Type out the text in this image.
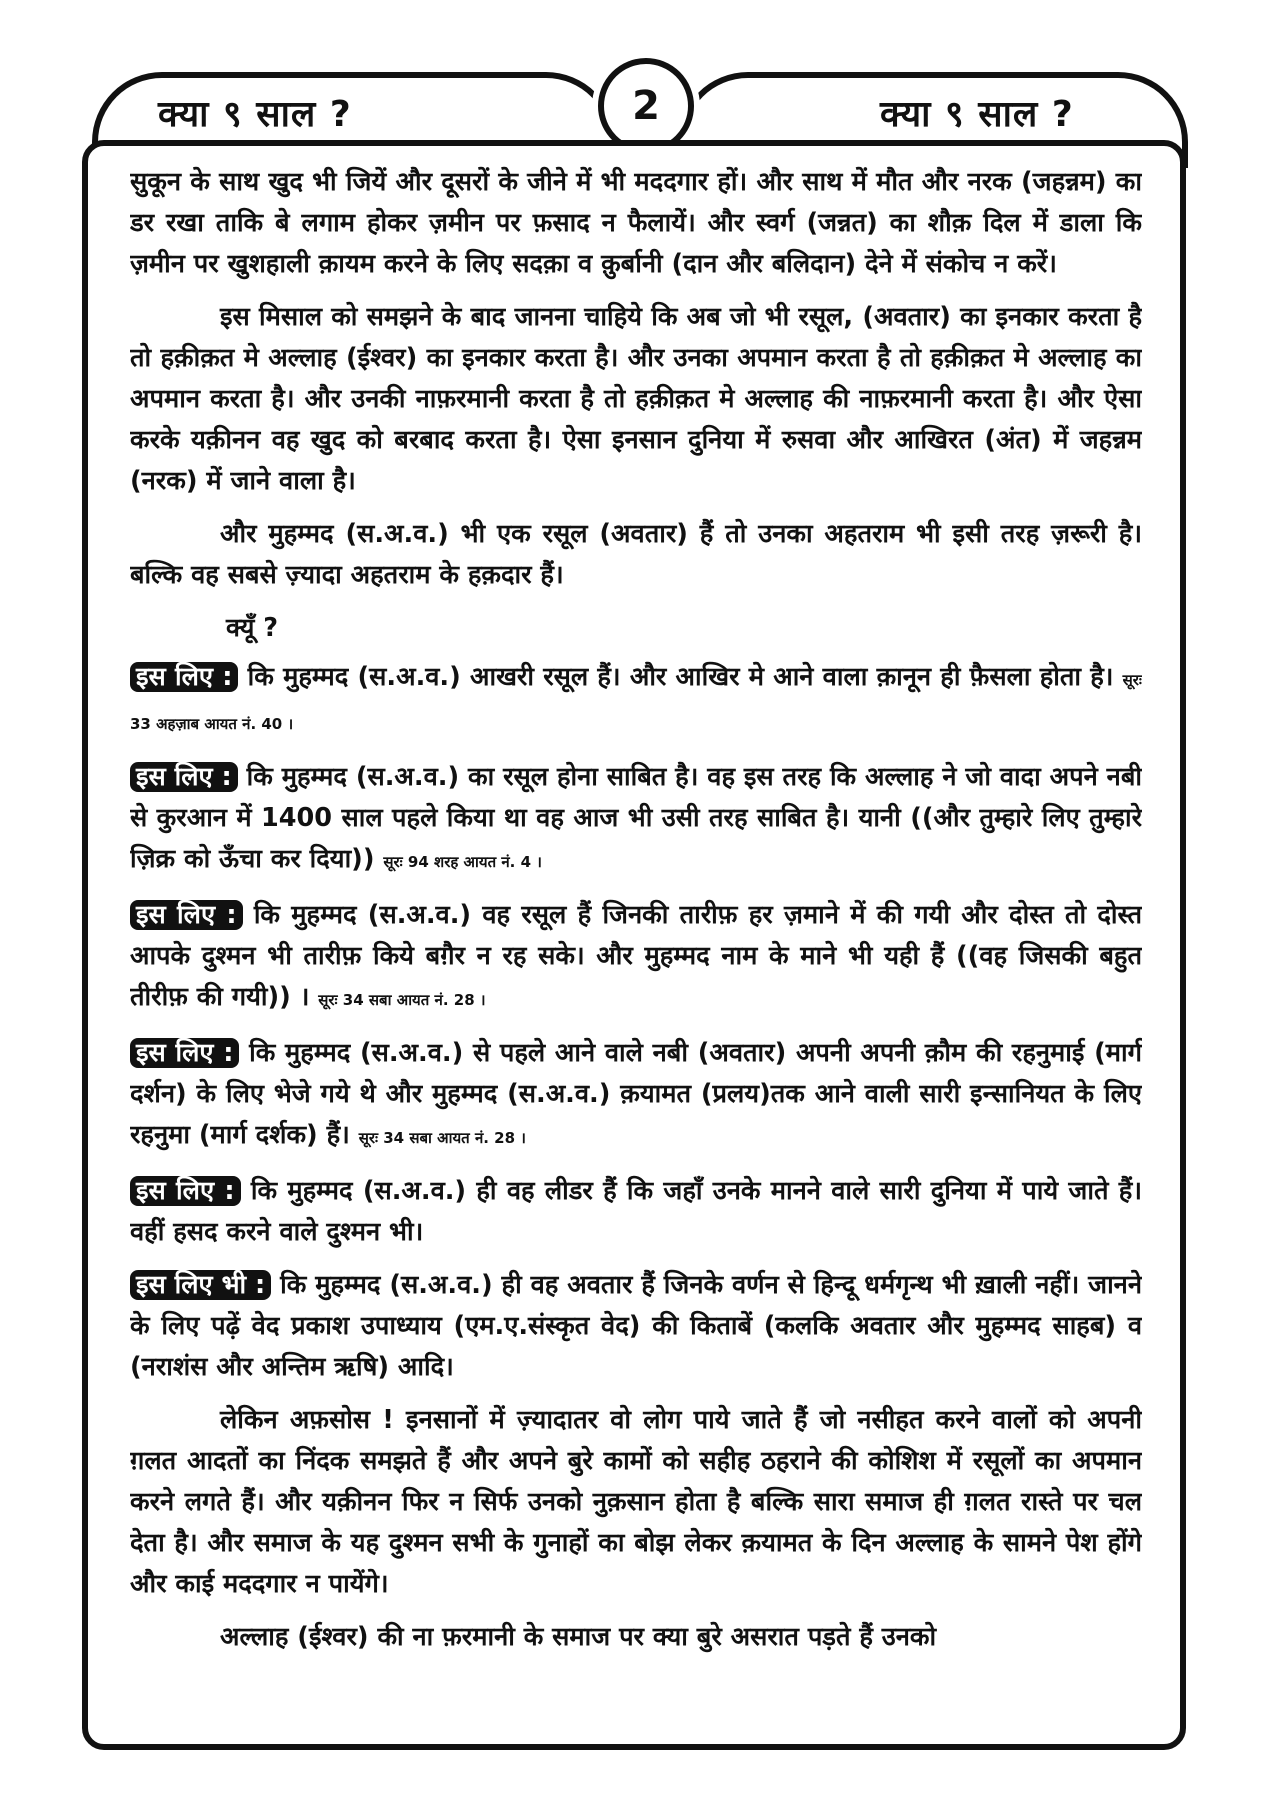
क्या ९ साल ?	क्या ९ साल ?
2

सुकून के साथ खुद भी जियें और दूसरों के जीने में भी मददगार हों। और साथ में मौत और नरक (जहन्नम) का डर रखा ताकि बे लगाम होकर ज़मीन पर फ़साद न फैलायें। और स्वर्ग (जन्नत) का शौक़ दिल में डाला कि ज़मीन पर खुशहाली क़ायम करने के लिए सदक़ा व क़ुर्बानी (दान और बलिदान) देने में संकोच न करें।

इस मिसाल को समझने के बाद जानना चाहिये कि अब जो भी रसूल, (अवतार) का इनकार करता है तो हक़ीक़त मे अल्लाह (ईश्वर) का इनकार करता है। और उनका अपमान करता है तो हक़ीक़त मे अल्लाह का अपमान करता है। और उनकी नाफ़रमानी करता है तो हक़ीक़त मे अल्लाह की नाफ़रमानी करता है। और ऐसा करके यक़ीनन वह खुद को बरबाद करता है। ऐसा इनसान दुनिया में रुसवा और आखिरत (अंत) में जहन्नम (नरक) में जाने वाला है।

और मुहम्मद (स.अ.व.) भी एक रसूल (अवतार) हैं तो उनका अहतराम भी इसी तरह ज़रूरी है। बल्कि वह सबसे ज़्यादा अहतराम के हक़दार हैं।

क्यूँ ?

इस लिए : कि मुहम्मद (स.अ.व.) आखरी रसूल हैं। और आखिर मे आने वाला क़ानून ही फ़ैसला होता है। सूरः 33 अहज़ाब आयत नं. 40 ।

इस लिए : कि मुहम्मद (स.अ.व.) का रसूल होना साबित है। वह इस तरह कि अल्लाह ने जो वादा अपने नबी से कुरआन में 1400 साल पहले किया था वह आज भी उसी तरह साबित है। यानी ((और तुम्हारे लिए तुम्हारे ज़िक्र को ऊँचा कर दिया)) सूरः 94 शरह आयत नं. 4 ।

इस लिए : कि मुहम्मद (स.अ.व.) वह रसूल हैं जिनकी तारीफ़ हर ज़माने में की गयी और दोस्त तो दोस्त आपके दुश्मन भी तारीफ़ किये बग़ैर न रह सके। और मुहम्मद नाम के माने भी यही हैं ((वह जिसकी बहुत तीरीफ़ की गयी)) । सूरः 34 सबा आयत नं. 28 ।

इस लिए : कि मुहम्मद (स.अ.व.) से पहले आने वाले नबी (अवतार) अपनी अपनी क़ौम की रहनुमाई (मार्ग दर्शन) के लिए भेजे गये थे और मुहम्मद (स.अ.व.) क़यामत (प्रलय)तक आने वाली सारी इन्सानियत के लिए रहनुमा (मार्ग दर्शक) हैं। सूरः 34 सबा आयत नं. 28 ।

इस लिए : कि मुहम्मद (स.अ.व.) ही वह लीडर हैं कि जहाँ उनके मानने वाले सारी दुनिया में पाये जाते हैं। वहीं हसद करने वाले दुश्मन भी।

इस लिए भी : कि मुहम्मद (स.अ.व.) ही वह अवतार हैं जिनके वर्णन से हिन्दू धर्मगृन्थ भी ख़ाली नहीं। जानने के लिए पढ़ें वेद प्रकाश उपाध्याय (एम.ए.संस्कृत वेद) की किताबें (कलकि अवतार और मुहम्मद साहब) व (नराशंस और अन्तिम ऋषि) आदि।

लेकिन अफ़सोस ! इनसानों में ज़्यादातर वो लोग पाये जाते हैं जो नसीहत करने वालों को अपनी ग़लत आदतों का निंदक समझते हैं और अपने बुरे कामों को सहीह ठहराने की कोशिश में रसूलों का अपमान करने लगते हैं। और यक़ीनन फिर न सिर्फ उनको नुक़सान होता है बल्कि सारा समाज ही ग़लत रास्ते पर चल देता है। और समाज के यह दुश्मन सभी के गुनाहों का बोझ लेकर क़यामत के दिन अल्लाह के सामने पेश होंगे और काई मददगार न पायेंगे।

अल्लाह (ईश्वर) की ना फ़रमानी के समाज पर क्या बुरे असरात पड़ते हैं उनको
